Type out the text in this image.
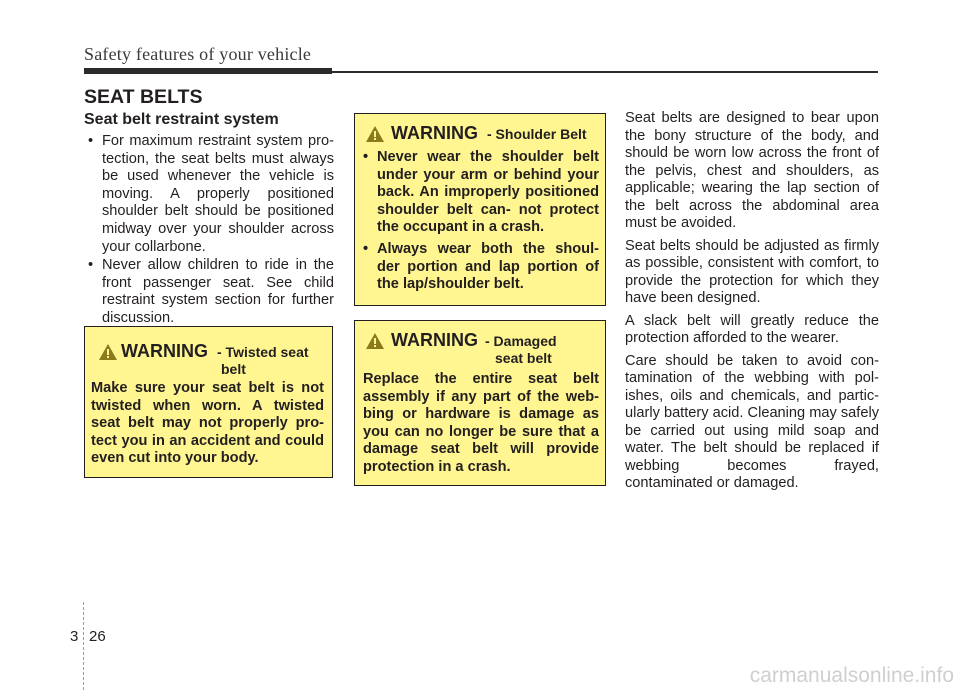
Safety features of your vehicle
SEAT BELTS
Seat belt restraint system
• For maximum restraint system pro- tection, the seat belts must always be used whenever the vehicle is moving. A properly positioned shoulder belt should be positioned midway over your shoulder across your collarbone.
• Never allow children to ride in the front passenger seat. See child restraint system section for further discussion.
WARNING - Twisted seat
belt
Make sure your seat belt is not twisted when worn. A twisted seat belt may not properly pro- tect you in an accident and could even cut into your body.
WARNING - Shoulder Belt
• Never wear the shoulder belt under your arm or behind your back. An improperly positioned shoulder belt can- not protect the occupant in a crash.
• Always wear both the shoul- der portion and lap portion of the lap/shoulder belt.
WARNING - Damaged
seat belt
Replace the entire seat belt assembly if any part of the web- bing or hardware is damage as you can no longer be sure that a damage seat belt will provide protection in a crash.

Seat belts are designed to bear upon the bony structure of the body, and should be worn low across the front of the pelvis, chest and shoulders, as applicable; wearing the lap section of the belt across the abdominal area must be avoided.

Seat belts should be adjusted as firmly as possible, consistent with comfort, to provide the protection for which they have been designed.

A slack belt will greatly reduce the protection afforded to the wearer.

Care should be taken to avoid con- tamination of the webbing with pol- ishes, oils and chemicals, and partic- ularly battery acid. Cleaning may safely be carried out using mild soap and water. The belt should be replaced if webbing becomes frayed, contaminated or damaged.

3 26
carmanualsonline.info
